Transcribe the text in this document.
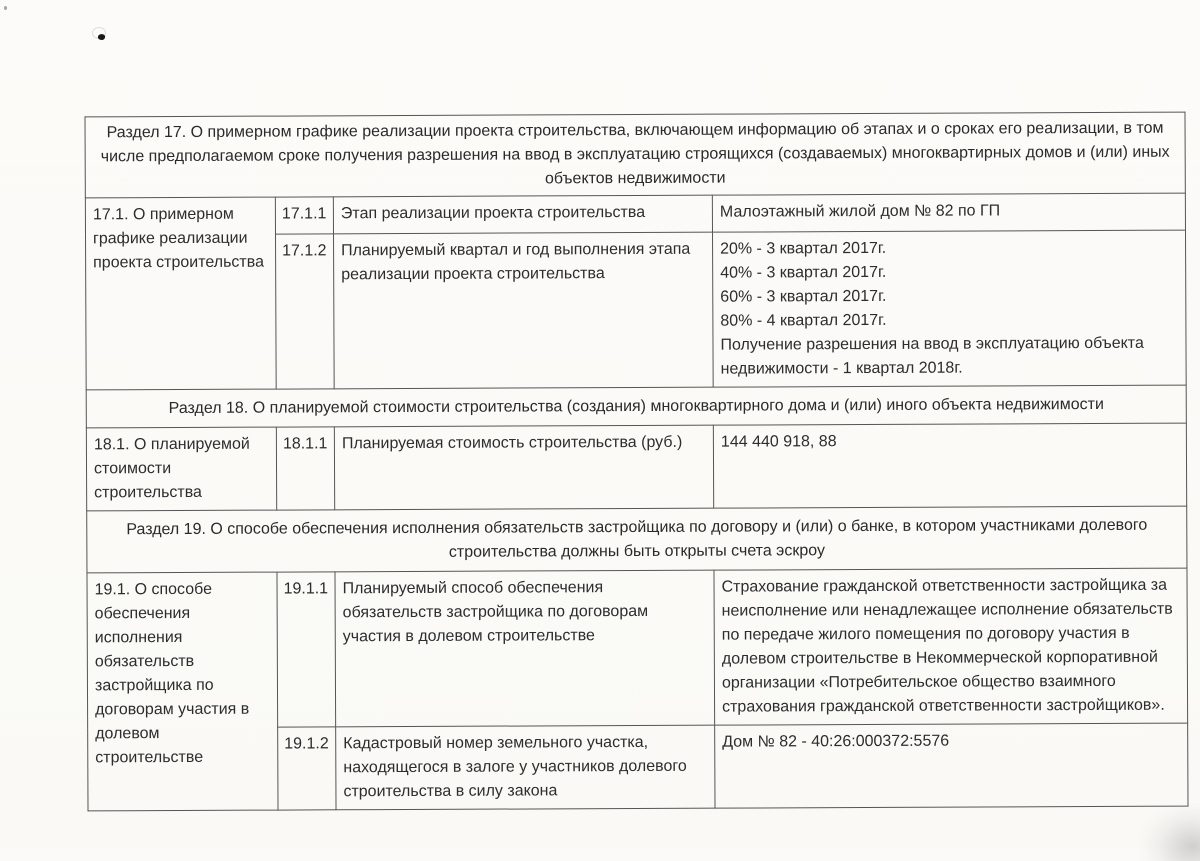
Раздел 17. О примерном графике реализации проекта строительства, включающем информацию об этапах и о сроках его реализации, в том числе предполагаемом сроке получения разрешения на ввод в эксплуатацию строящихся (создаваемых) многоквартирных домов и (или) иных объектов недвижимости			
17.1. О примерном графике реализации проекта строительства	17.1.1	Этап реализации проекта строительства	Малоэтажный жилой дом № 82 по ГП
	17.1.2	Планируемый квартал и год выполнения этапа реализации проекта строительства	20% - 3 квартал 2017г.
40% - 3 квартал 2017г.
60% - 3 квартал 2017г.
80% - 4 квартал 2017г.
Получение разрешения на ввод в эксплуатацию объекта недвижимости - 1 квартал 2018г.
Раздел 18. О планируемой стоимости строительства (создания) многоквартирного дома и (или) иного объекта недвижимости			
18.1. О планируемой стоимости строительства	18.1.1	Планируемая стоимость строительства (руб.)	144 440 918, 88
Раздел 19. О способе обеспечения исполнения обязательств застройщика по договору и (или) о банке, в котором участниками долевого строительства должны быть открыты счета эскроу			
19.1. О способе обеспечения исполнения обязательств застройщика по договорам участия в долевом строительстве	19.1.1	Планируемый способ обеспечения обязательств застройщика по договорам участия в долевом строительстве	Страхование гражданской ответственности застройщика за неисполнение или ненадлежащее исполнение обязательств по передаче жилого помещения по договору участия в долевом строительстве в Некоммерческой корпоративной организации «Потребительское общество взаимного страхования гражданской ответственности застройщиков».
	19.1.2	Кадастровый номер земельного участка, находящегося в залоге у участников долевого строительства в силу закона	Дом № 82 - 40:26:000372:5576
